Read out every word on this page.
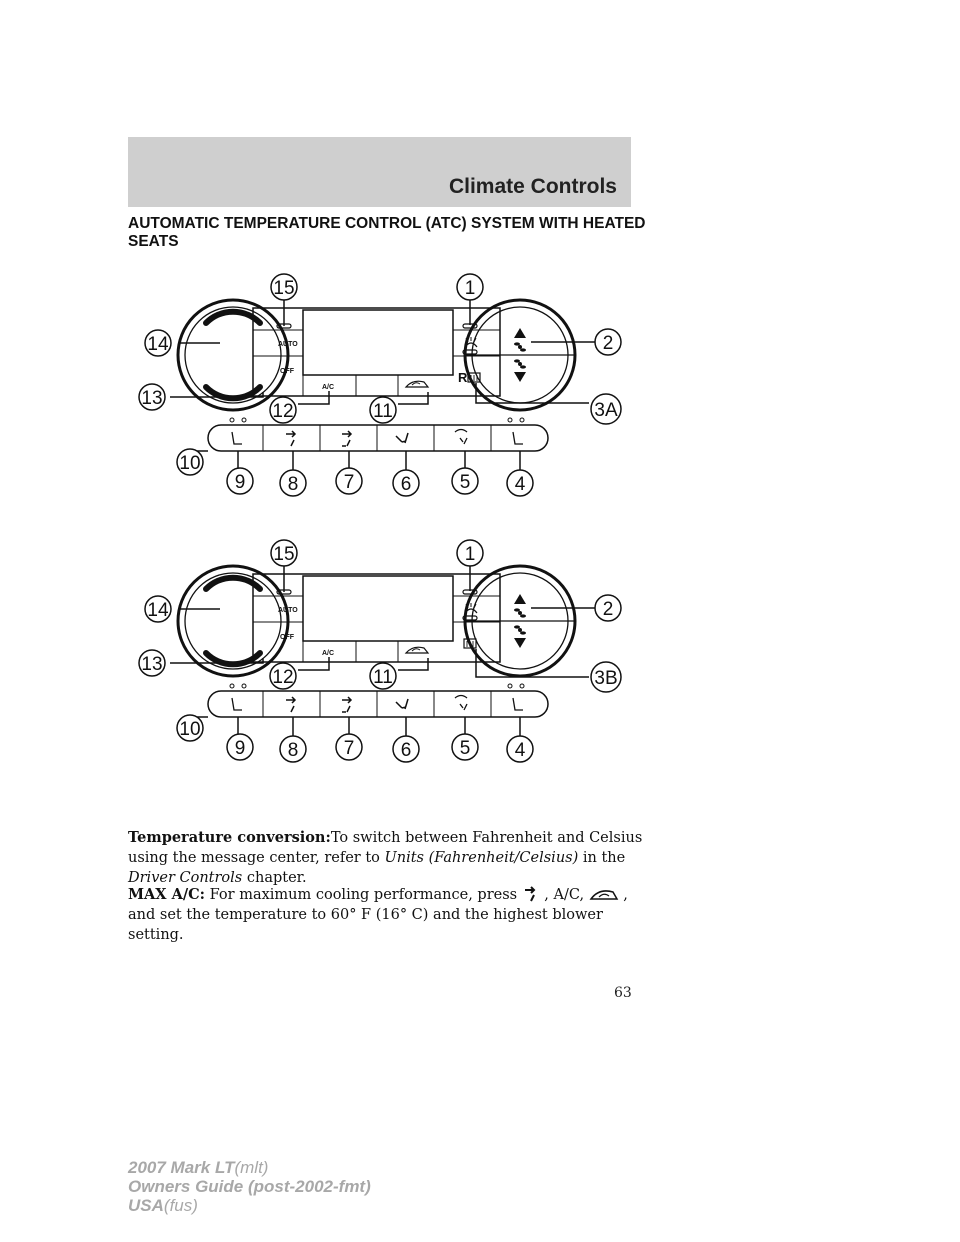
Climate Controls
AUTOMATIC TEMPERATURE CONTROL (ATC) SYSTEM WITH HEATED SEATS
AUTO
OFF
A/C
R
15	1
14	2
13
12	11	3A
10
9 8 7 6	5 4
AUTO
OFF
A/C
15	1
14	2
13
12	11	3B
10
9 8 7 6	5 4

Temperature conversion:To switch between Fahrenheit and Celsius using the message center, refer to Units (Fahrenheit/Celsius) in the Driver Controls chapter.

MAX A/C: For maximum cooling performance, press  , A/C,  , and set the temperature to 60° F (16° C) and the highest blower setting.

63
2007 Mark LT(mlt)
Owners Guide (post-2002-fmt)
USA(fus)
